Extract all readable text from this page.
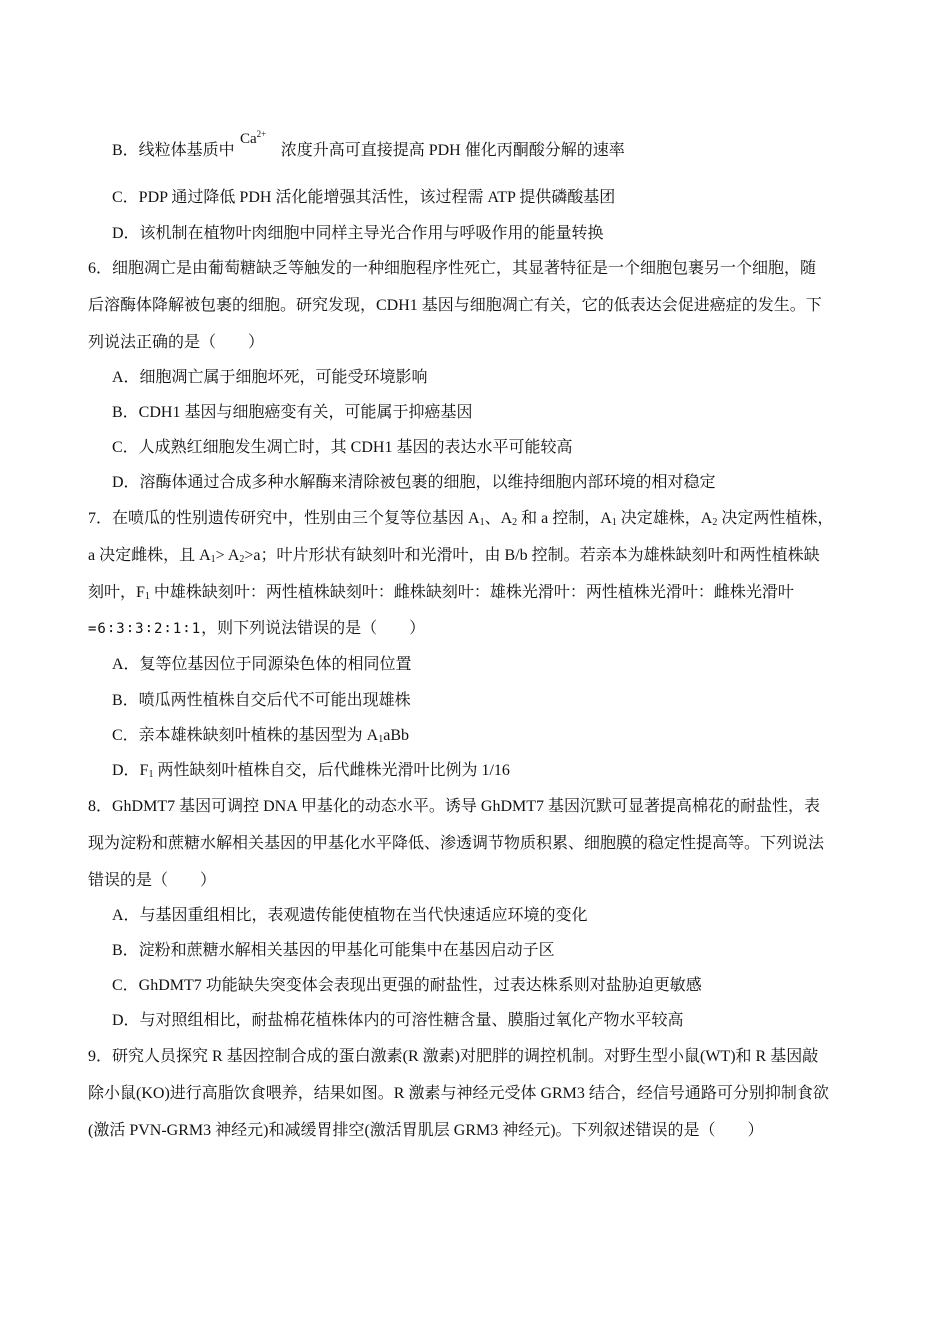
B．线粒体基质中	浓度升高可直接提高 PDH 催化丙酮酸分解的速率
$Ca^{2+}$
C．PDP 通过降低 PDH 活化能增强其活性，该过程需 ATP 提供磷酸基团
D．该机制在植物叶肉细胞中同样主导光合作用与呼吸作用的能量转换
6．细胞凋亡是由葡萄糖缺乏等触发的一种细胞程序性死亡，其显著特征是一个细胞包裹另一个细胞，随
后溶酶体降解被包裹的细胞。研究发现，CDH1 基因与细胞凋亡有关，它的低表达会促进癌症的发生。下
列说法正确的是（　　）
A．细胞凋亡属于细胞坏死，可能受环境影响
B．CDH1 基因与细胞癌变有关，可能属于抑癌基因
C．人成熟红细胞发生凋亡时，其 CDH1 基因的表达水平可能较高
D．溶酶体通过合成多种水解酶来清除被包裹的细胞，以维持细胞内部环境的相对稳定
7．在喷瓜的性别遗传研究中，性别由三个复等位基因 $A_1$、$A_2$ 和 a 控制，$A_1$ 决定雄株，$A_2$ 决定两性植株，
a 决定雌株，且 $A_1> A_2>a$；叶片形状有缺刻叶和光滑叶，由 B/b 控制。若亲本为雄株缺刻叶和两性植株缺
刻叶，$F_1$ 中雄株缺刻叶：两性植株缺刻叶：雌株缺刻叶：雄株光滑叶：两性植株光滑叶：雌株光滑叶
=6∶3∶3∶2∶1∶1，则下列说法错误的是（　　）
A．复等位基因位于同源染色体的相同位置
B．喷瓜两性植株自交后代不可能出现雄株
C．亲本雄株缺刻叶植株的基因型为 $A_1aBb$
D．$F_1$ 两性缺刻叶植株自交，后代雌株光滑叶比例为 1/16
8．GhDMT7 基因可调控 DNA 甲基化的动态水平。诱导 GhDMT7 基因沉默可显著提高棉花的耐盐性，表
现为淀粉和蔗糖水解相关基因的甲基化水平降低、渗透调节物质积累、细胞膜的稳定性提高等。下列说法
错误的是（　　）
A．与基因重组相比，表观遗传能使植物在当代快速适应环境的变化
B．淀粉和蔗糖水解相关基因的甲基化可能集中在基因启动子区
C．GhDMT7 功能缺失突变体会表现出更强的耐盐性，过表达株系则对盐胁迫更敏感
D．与对照组相比，耐盐棉花植株体内的可溶性糖含量、膜脂过氧化产物水平较高
9．研究人员探究 R 基因控制合成的蛋白激素(R 激素)对肥胖的调控机制。对野生型小鼠(WT)和 R 基因敲
除小鼠(KO)进行高脂饮食喂养，结果如图。R 激素与神经元受体 GRM3 结合，经信号通路可分别抑制食欲
(激活 PVN-GRM3 神经元)和减缓胃排空(激活胃肌层 GRM3 神经元)。下列叙述错误的是（　　）
